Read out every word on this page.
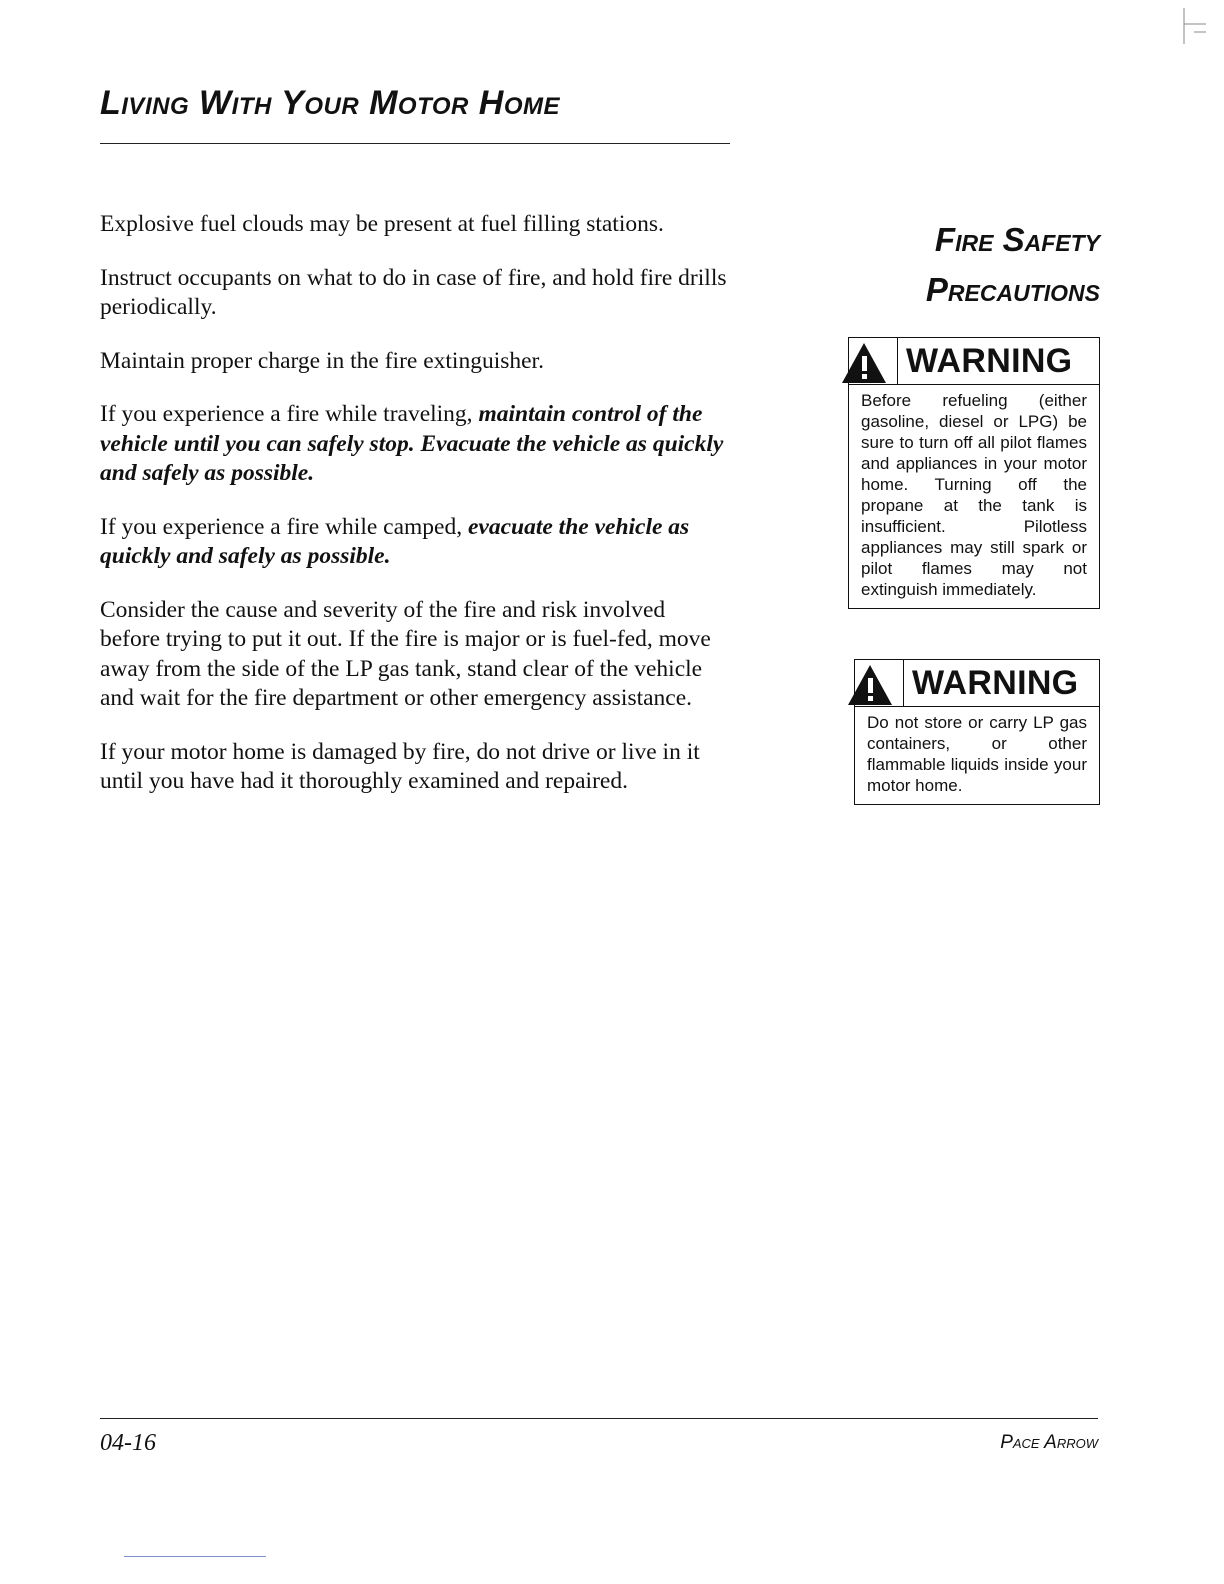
Living With Your Motor Home

Explosive fuel clouds may be present at fuel filling stations.

Instruct occupants on what to do in case of fire, and hold fire drills periodically.

Maintain proper charge in the fire extinguisher.

If you experience a fire while traveling, maintain control of the vehicle until you can safely stop. Evacuate the vehicle as quickly and safely as possible.

If you experience a fire while camped, evacuate the vehicle as quickly and safely as possible.

Consider the cause and severity of the fire and risk involved before trying to put it out. If the fire is major or is fuel-fed, move away from the side of the LP gas tank, stand clear of the vehicle and wait for the fire department or other emergency assistance.

If your motor home is damaged by fire, do not drive or live in it until you have had it thoroughly examined and repaired.

Fire Safety
Precautions
WARNING
Before refueling (either gasoline, diesel or LPG) be sure to turn off all pilot flames and appliances in your motor home. Turning off the propane at the tank is insufficient. Pilotless appliances may still spark or pilot flames may not extinguish immediately.
WARNING
Do not store or carry LP gas containers, or other flammable liquids inside your motor home.

04-16	Pace Arrow
